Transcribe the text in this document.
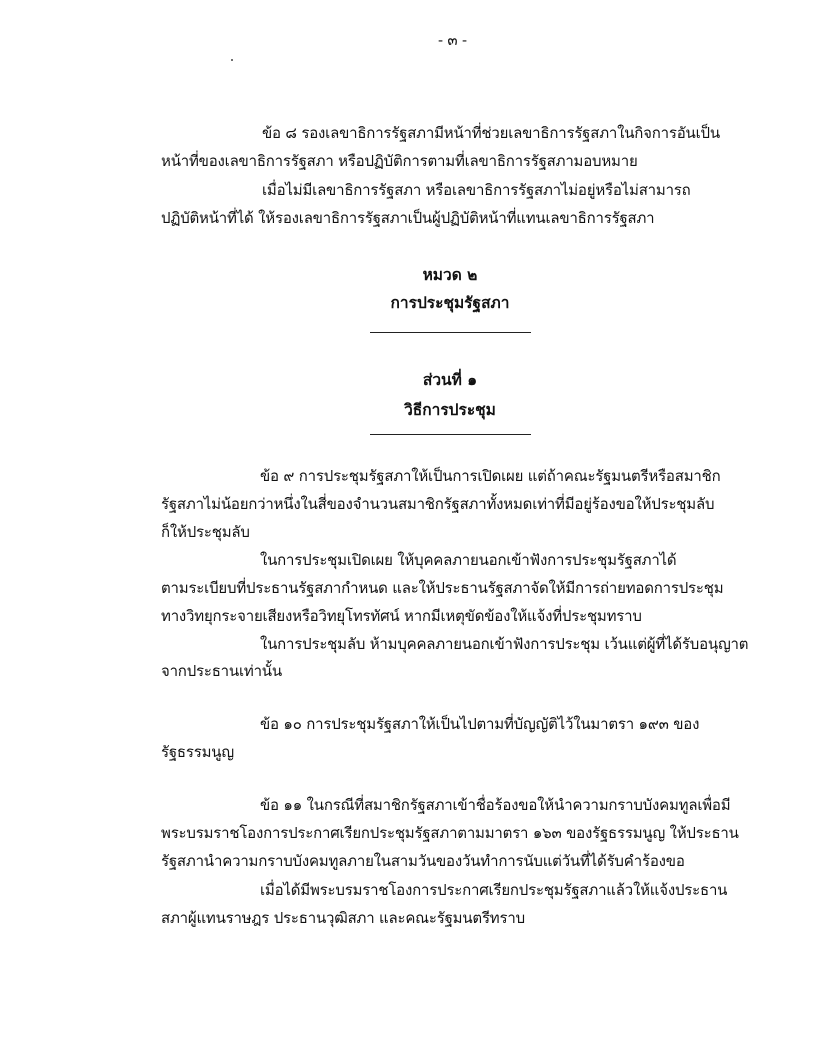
- ๓ -
ข้อ ๘ รองเลขาธิการรัฐสภามีหน้าที่ช่วยเลขาธิการรัฐสภาในกิจการอันเป็น
หน้าที่ของเลขาธิการรัฐสภา หรือปฏิบัติการตามที่เลขาธิการรัฐสภามอบหมาย
เมื่อไม่มีเลขาธิการรัฐสภา หรือเลขาธิการรัฐสภาไม่อยู่หรือไม่สามารถ
ปฏิบัติหน้าที่ได้ ให้รองเลขาธิการรัฐสภาเป็นผู้ปฏิบัติหน้าที่แทนเลขาธิการรัฐสภา
หมวด ๒
การประชุมรัฐสภา
ส่วนที่ ๑
วิธีการประชุม
ข้อ ๙ การประชุมรัฐสภาให้เป็นการเปิดเผย แต่ถ้าคณะรัฐมนตรีหรือสมาชิก
รัฐสภาไม่น้อยกว่าหนึ่งในสี่ของจำนวนสมาชิกรัฐสภาทั้งหมดเท่าที่มีอยู่ร้องขอให้ประชุมลับ
ก็ให้ประชุมลับ
ในการประชุมเปิดเผย ให้บุคคลภายนอกเข้าฟังการประชุมรัฐสภาได้
ตามระเบียบที่ประธานรัฐสภากำหนด และให้ประธานรัฐสภาจัดให้มีการถ่ายทอดการประชุม
ทางวิทยุกระจายเสียงหรือวิทยุโทรทัศน์ หากมีเหตุขัดข้องให้แจ้งที่ประชุมทราบ
ในการประชุมลับ ห้ามบุคคลภายนอกเข้าฟังการประชุม เว้นแต่ผู้ที่ได้รับอนุญาต
จากประธานเท่านั้น
ข้อ ๑๐ การประชุมรัฐสภาให้เป็นไปตามที่บัญญัติไว้ในมาตรา ๑๙๓ ของ
รัฐธรรมนูญ
ข้อ ๑๑ ในกรณีที่สมาชิกรัฐสภาเข้าชื่อร้องขอให้นำความกราบบังคมทูลเพื่อมี
พระบรมราชโองการประกาศเรียกประชุมรัฐสภาตามมาตรา ๑๖๓ ของรัฐธรรมนูญ ให้ประธาน
รัฐสภานำความกราบบังคมทูลภายในสามวันของวันทำการนับแต่วันที่ได้รับคำร้องขอ
เมื่อได้มีพระบรมราชโองการประกาศเรียกประชุมรัฐสภาแล้วให้แจ้งประธาน
สภาผู้แทนราษฎร ประธานวุฒิสภา และคณะรัฐมนตรีทราบ
